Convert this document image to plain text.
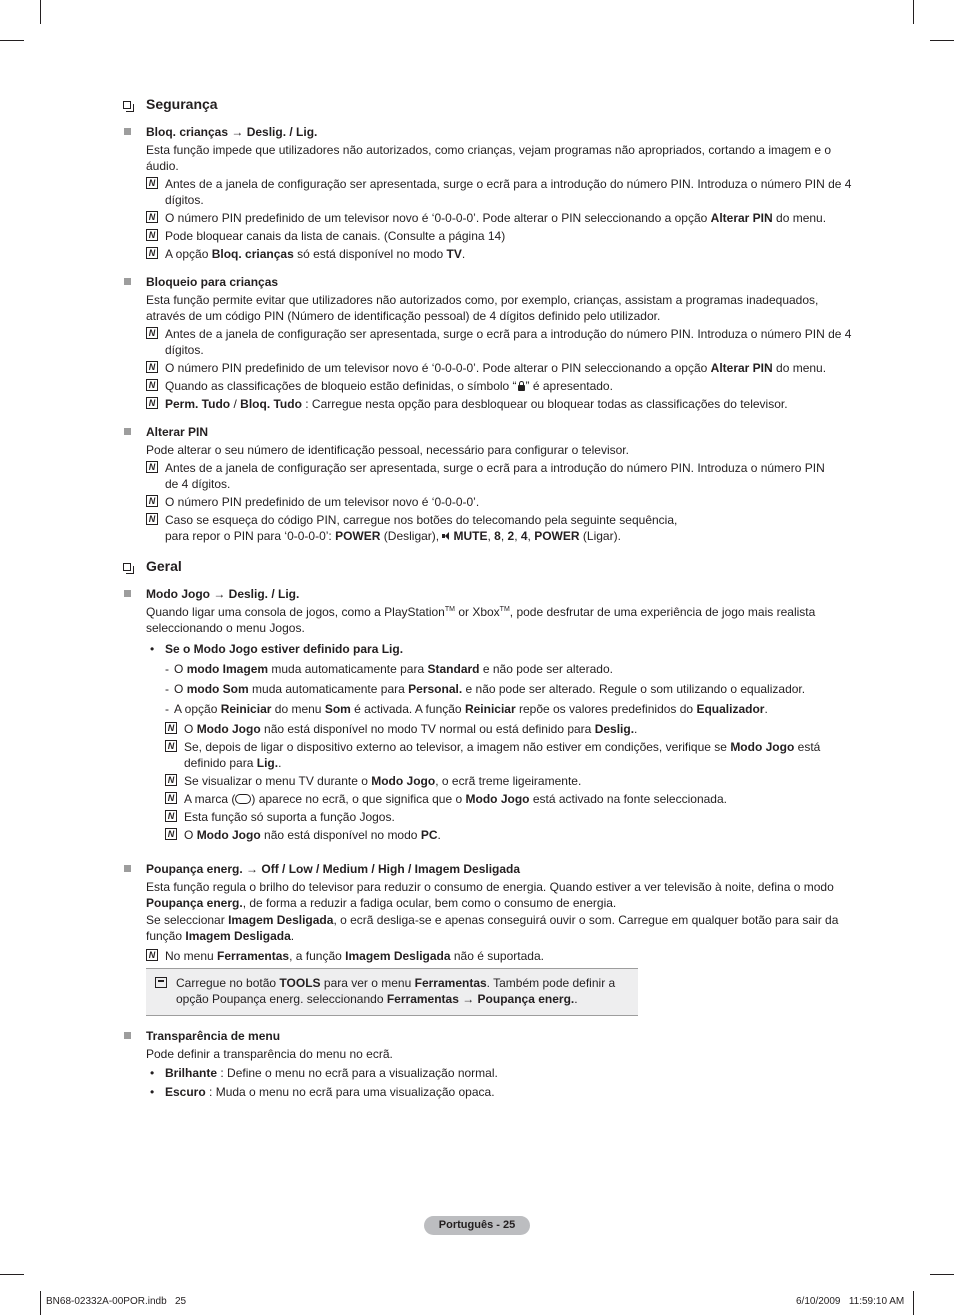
Segurança
Bloq. crianças → Deslig. / Lig.
Esta função impede que utilizadores não autorizados, como crianças, vejam programas não apropriados, cortando a imagem e o áudio.
N Antes de a janela de configuração ser apresentada, surge o ecrã para a introdução do número PIN. Introduza o número PIN de 4 dígitos.
N O número PIN predefinido de um televisor novo é ‘0-0-0-0’. Pode alterar o PIN seleccionando a opção Alterar PIN do menu.
N Pode bloquear canais da lista de canais. (Consulte a página 14)
N A opção Bloq. crianças só está disponível no modo TV.
Bloqueio para crianças
Esta função permite evitar que utilizadores não autorizados como, por exemplo, crianças, assistam a programas inadequados, através de um código PIN (Número de identificação pessoal) de 4 dígitos definido pelo utilizador.
N Antes de a janela de configuração ser apresentada, surge o ecrã para a introdução do número PIN. Introduza o número PIN de 4 dígitos.
N O número PIN predefinido de um televisor novo é ‘0-0-0-0’. Pode alterar o PIN seleccionando a opção Alterar PIN do menu.
N Quando as classificações de bloqueio estão definidas, o símbolo “ ” é apresentado.
N Perm. Tudo / Bloq. Tudo : Carregue nesta opção para desbloquear ou bloquear todas as classificações do televisor.
Alterar PIN
Pode alterar o seu número de identificação pessoal, necessário para configurar o televisor.
N Antes de a janela de configuração ser apresentada, surge o ecrã para a introdução do número PIN. Introduza o número PIN de 4 dígitos.
N O número PIN predefinido de um televisor novo é ‘0-0-0-0’.
N Caso se esqueça do código PIN, carregue nos botões do telecomando pela seguinte sequência,
para repor o PIN para ‘0-0-0-0’: POWER (Desligar), MUTE, 8, 2, 4, POWER (Ligar).
Geral
Modo Jogo → Deslig. / Lig.
Quando ligar uma consola de jogos, como a PlayStation™ or Xbox™, pode desfrutar de uma experiência de jogo mais realista seleccionando o menu Jogos.
• Se o Modo Jogo estiver definido para Lig.
- O modo Imagem muda automaticamente para Standard e não pode ser alterado.
- O modo Som muda automaticamente para Personal. e não pode ser alterado. Regule o som utilizando o equalizador.
- A opção Reiniciar do menu Som é activada. A função Reiniciar repõe os valores predefinidos do Equalizador.
N O Modo Jogo não está disponível no modo TV normal ou está definido para Deslig..
N Se, depois de ligar o dispositivo externo ao televisor, a imagem não estiver em condições, verifique se Modo Jogo está definido para Lig..
N Se visualizar o menu TV durante o Modo Jogo, o ecrã treme ligeiramente.
N A marca ( ) aparece no ecrã, o que significa que o Modo Jogo está activado na fonte seleccionada.
N Esta função só suporta a função Jogos.
N O Modo Jogo não está disponível no modo PC.
Poupança energ. → Off / Low / Medium / High / Imagem Desligada
Esta função regula o brilho do televisor para reduzir o consumo de energia. Quando estiver a ver televisão à noite, defina o modo Poupança energ., de forma a reduzir a fadiga ocular, bem como o consumo de energia.
Se seleccionar Imagem Desligada, o ecrã desliga-se e apenas conseguirá ouvir o som. Carregue em qualquer botão para sair da função Imagem Desligada.
N No menu Ferramentas, a função Imagem Desligada não é suportada.
Carregue no botão TOOLS para ver o menu Ferramentas. Também pode definir a opção Poupança energ. seleccionando Ferramentas → Poupança energ..
Transparência de menu
Pode definir a transparência do menu no ecrã.
• Brilhante : Define o menu no ecrã para a visualização normal.
• Escuro : Muda o menu no ecrã para uma visualização opaca.
Português - 25
BN68-02332A-00POR.indb   25	6/10/2009   11:59:10 AM
